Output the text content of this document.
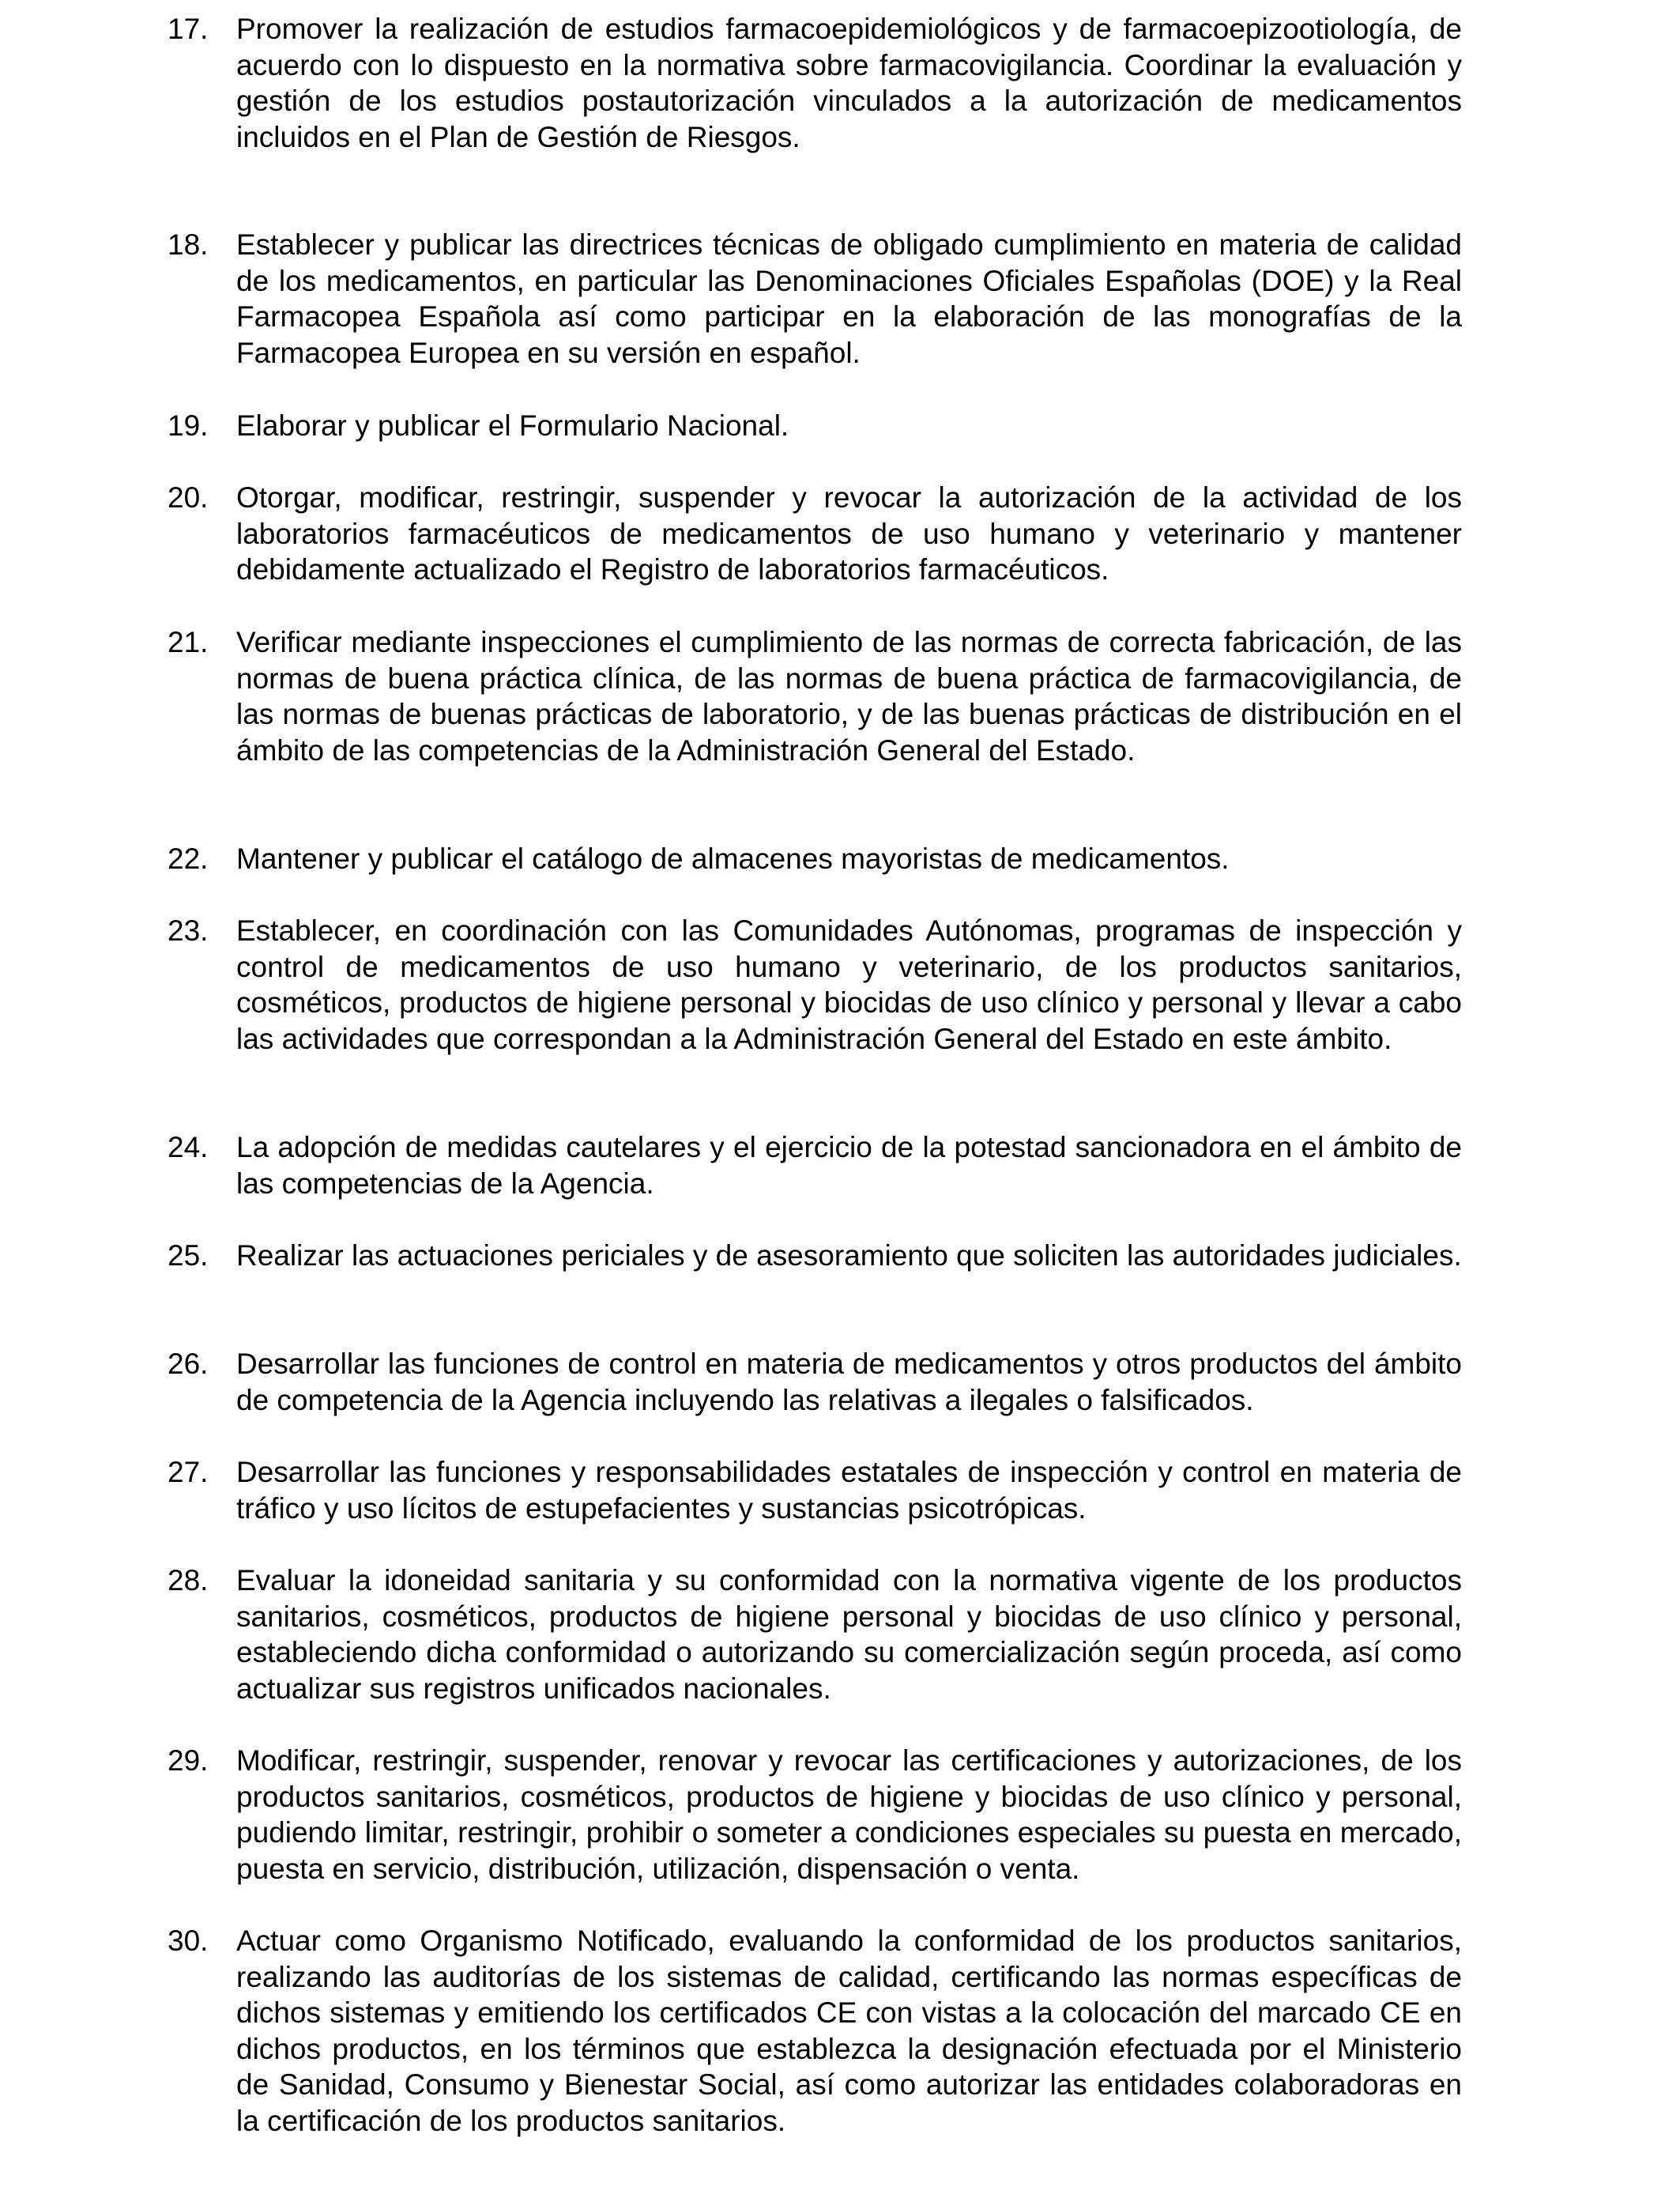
17. Promover la realización de estudios farmacoepidemiológicos y de farmacoepizootiología, de acuerdo con lo dispuesto en la normativa sobre farmacovigilancia. Coordinar la evaluación y gestión de los estudios postautorización vinculados a la autorización de medicamentos incluidos en el Plan de Gestión de Riesgos.
18. Establecer y publicar las directrices técnicas de obligado cumplimiento en materia de calidad de los medicamentos, en particular las Denominaciones Oficiales Españolas (DOE) y la Real Farmacopea Española así como participar en la elaboración de las monografías de la Farmacopea Europea en su versión en español.
19. Elaborar y publicar el Formulario Nacional.
20. Otorgar, modificar, restringir, suspender y revocar la autorización de la actividad de los laboratorios farmacéuticos de medicamentos de uso humano y veterinario y mantener debidamente actualizado el Registro de laboratorios farmacéuticos.
21. Verificar mediante inspecciones el cumplimiento de las normas de correcta fabricación, de las normas de buena práctica clínica, de las normas de buena práctica de farmacovigilancia, de las normas de buenas prácticas de laboratorio, y de las buenas prácticas de distribución en el ámbito de las competencias de la Administración General del Estado.
22. Mantener y publicar el catálogo de almacenes mayoristas de medicamentos.
23. Establecer, en coordinación con las Comunidades Autónomas, programas de inspección y control de medicamentos de uso humano y veterinario, de los productos sanitarios, cosméticos, productos de higiene personal y biocidas de uso clínico y personal y llevar a cabo las actividades que correspondan a la Administración General del Estado en este ámbito.
24. La adopción de medidas cautelares y el ejercicio de la potestad sancionadora en el ámbito de las competencias de la Agencia.
25. Realizar las actuaciones periciales y de asesoramiento que soliciten las autoridades judiciales.
26. Desarrollar las funciones de control en materia de medicamentos y otros productos del ámbito de competencia de la Agencia incluyendo las relativas a ilegales o falsificados.
27. Desarrollar las funciones y responsabilidades estatales de inspección y control en materia de tráfico y uso lícitos de estupefacientes y sustancias psicotrópicas.
28. Evaluar la idoneidad sanitaria y su conformidad con la normativa vigente de los productos sanitarios, cosméticos, productos de higiene personal y biocidas de uso clínico y personal, estableciendo dicha conformidad o autorizando su comercialización según proceda, así como actualizar sus registros unificados nacionales.
29. Modificar, restringir, suspender, renovar y revocar las certificaciones y autorizaciones, de los productos sanitarios, cosméticos, productos de higiene y biocidas de uso clínico y personal, pudiendo limitar, restringir, prohibir o someter a condiciones especiales su puesta en mercado, puesta en servicio, distribución, utilización, dispensación o venta.
30. Actuar como Organismo Notificado, evaluando la conformidad de los productos sanitarios, realizando las auditorías de los sistemas de calidad, certificando las normas específicas de dichos sistemas y emitiendo los certificados CE con vistas a la colocación del marcado CE en dichos productos, en los términos que establezca la designación efectuada por el Ministerio de Sanidad, Consumo y Bienestar Social, así como autorizar las entidades colaboradoras en la certificación de los productos sanitarios.
